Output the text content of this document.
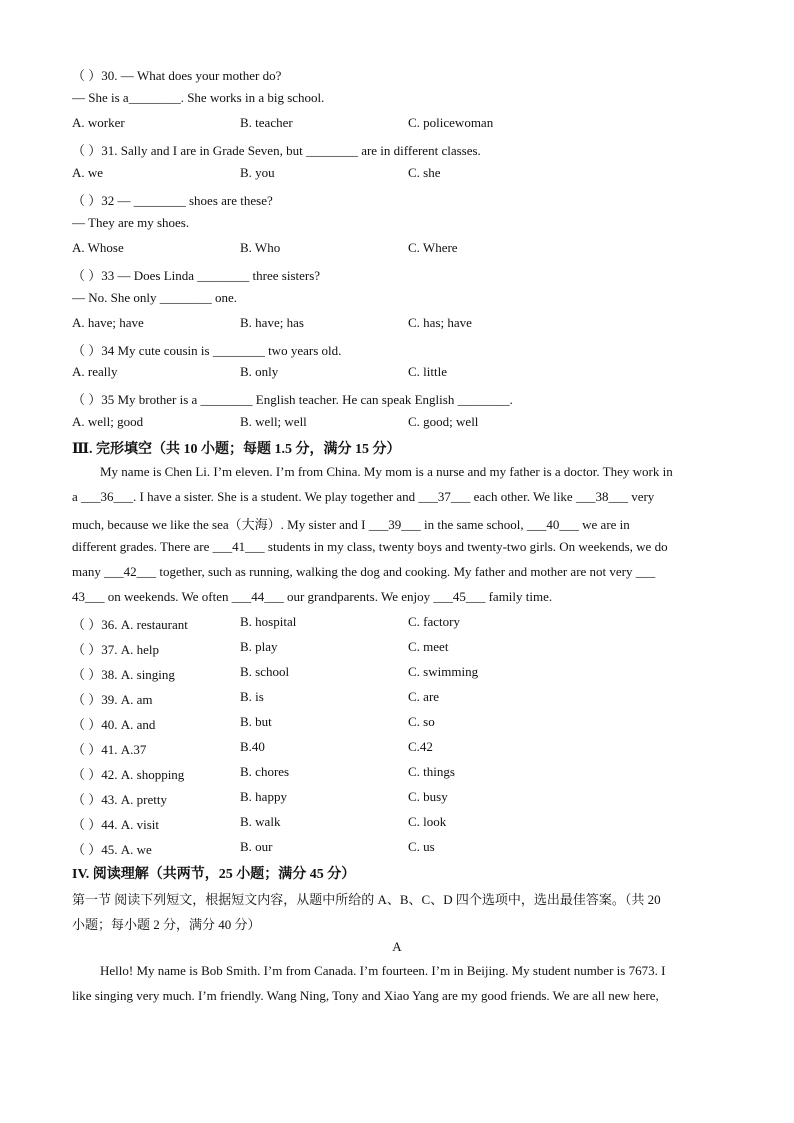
（ ）30. — What does your mother do?
— She is a________. She works in a big school.
A. worker	B. teacher	C. policewoman
（ ）31. Sally and I are in Grade Seven, but ________ are in different classes.
A. we	B. you	C. she
（ ）32 — ________ shoes are these?
— They are my shoes.
A. Whose	B. Who	C. Where
（ ）33 — Does Linda ________ three sisters?
— No. She only ________ one.
A. have; have	B. have; has	C. has; have
（ ）34 My cute cousin is ________ two years old.
A. really	B. only	C. little
（ ）35 My brother is a ________ English teacher. He can speak English ________.
A. well; good	B. well; well	C. good; well
Ⅲ. 完形填空（共 10 小题；每题 1.5 分，满分 15 分）
My name is Chen Li. I’m eleven. I’m from China. My mom is a nurse and my father is a doctor. They work in
a ___36___. I have a sister. She is a student. We play together and ___37___ each other. We like ___38___ very
much, because we like the sea（大海）. My sister and I ___39___ in the same school, ___40___ we are in
different grades. There are ___41___ students in my class, twenty boys and twenty-two girls. On weekends, we do
many ___42___ together, such as running, walking the dog and cooking. My father and mother are not very ___
43___ on weekends. We often ___44___ our grandparents. We enjoy ___45___ family time.
（ ）36. A. restaurant	B. hospital	C. factory
（ ）37. A. help	B. play	C. meet
（ ）38. A. singing	B. school	C. swimming
（ ）39. A. am	B. is	C. are
（ ）40. A. and	B. but	C. so
（ ）41. A.37	B.40	C.42
（ ）42. A. shopping	B. chores	C. things
（ ）43. A. pretty	B. happy	C. busy
（ ）44. A. visit	B. walk	C. look
（ ）45. A. we	B. our	C. us
IV. 阅读理解（共两节，25 小题；满分 45 分）
第一节 阅读下列短文，根据短文内容，从题中所给的 A、B、C、D 四个选项中，选出最佳答案。（共 20
小题；每小题 2 分，满分 40 分）
A
Hello! My name is Bob Smith. I’m from Canada. I’m fourteen. I’m in Beijing. My student number is 7673. I
like singing very much. I’m friendly. Wang Ning, Tony and Xiao Yang are my good friends. We are all new here,
